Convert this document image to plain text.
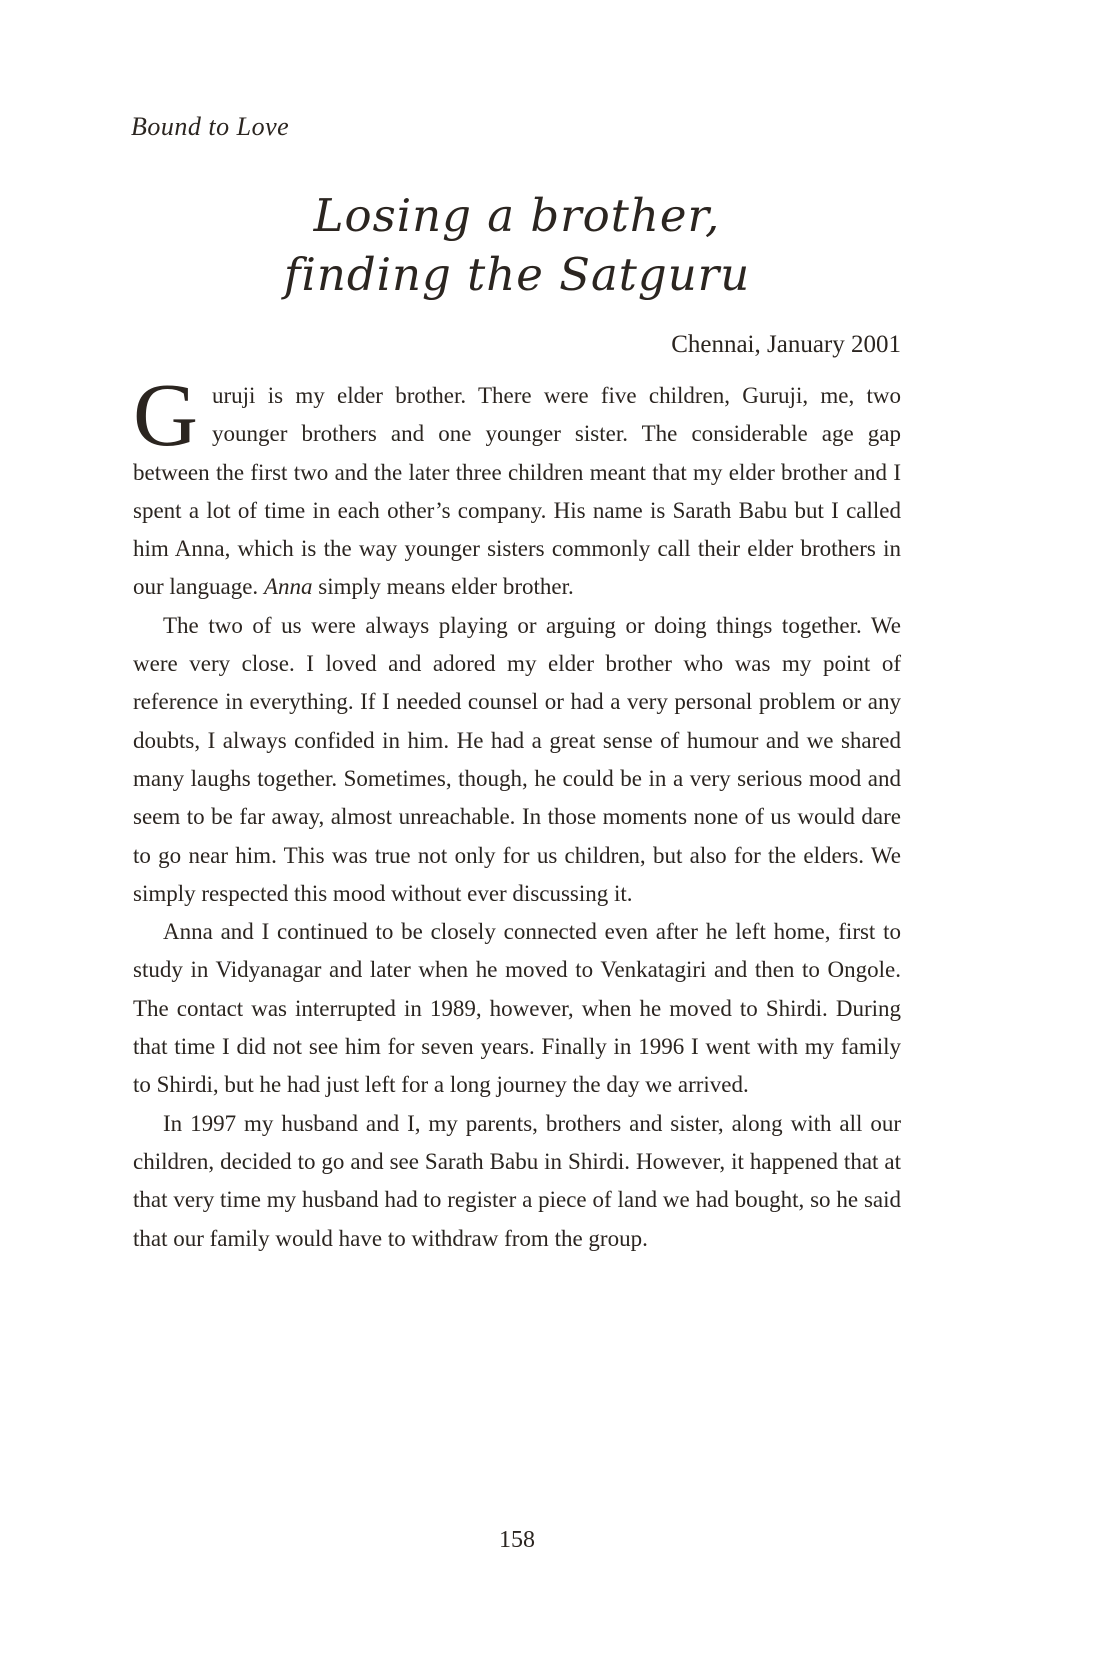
Bound to Love
Losing a brother,
finding the Satguru
Chennai, January 2001

Guruji is my elder brother. There were five children, Guruji, me, two younger brothers and one younger sister. The considerable age gap between the first two and the later three children meant that my elder brother and I spent a lot of time in each other’s company. His name is Sarath Babu but I called him Anna, which is the way younger sisters commonly call their elder brothers in our language. Anna simply means elder brother.

The two of us were always playing or arguing or doing things together. We were very close. I loved and adored my elder brother who was my point of reference in everything. If I needed counsel or had a very personal problem or any doubts, I always confided in him. He had a great sense of humour and we shared many laughs together. Sometimes, though, he could be in a very serious mood and seem to be far away, almost unreachable. In those moments none of us would dare to go near him. This was true not only for us children, but also for the elders. We simply respected this mood without ever discussing it.

Anna and I continued to be closely connected even after he left home, first to study in Vidyanagar and later when he moved to Venkatagiri and then to Ongole. The contact was interrupted in 1989, however, when he moved to Shirdi. During that time I did not see him for seven years. Finally in 1996 I went with my family to Shirdi, but he had just left for a long journey the day we arrived.

In 1997 my husband and I, my parents, brothers and sister, along with all our children, decided to go and see Sarath Babu in Shirdi. However, it happened that at that very time my husband had to register a piece of land we had bought, so he said that our family would have to withdraw from the group.

158
